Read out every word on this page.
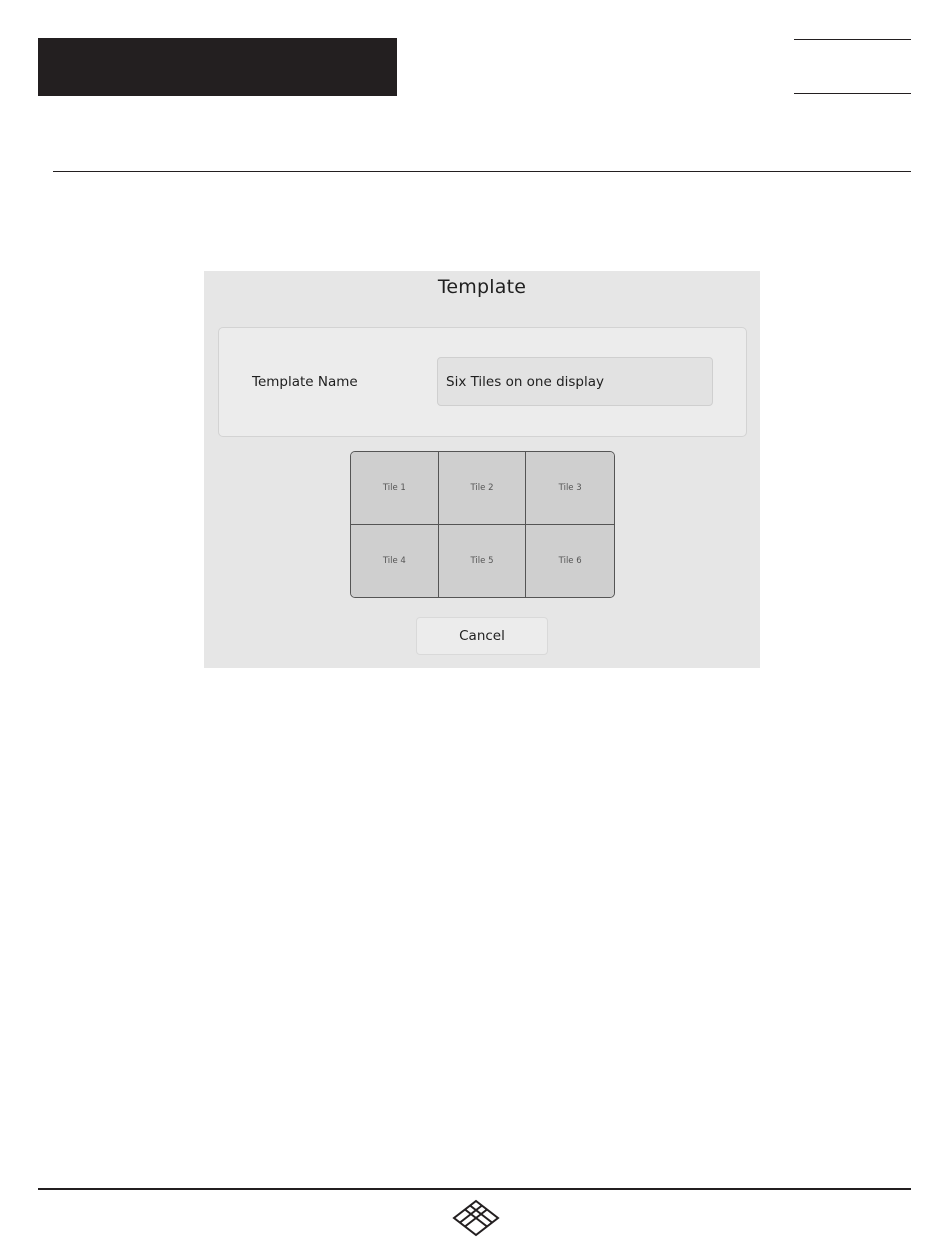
Template
Template Name
Six Tiles on one display
Tile 1	Tile 2	Tile 3
Tile 4	Tile 5	Tile 6
Cancel
